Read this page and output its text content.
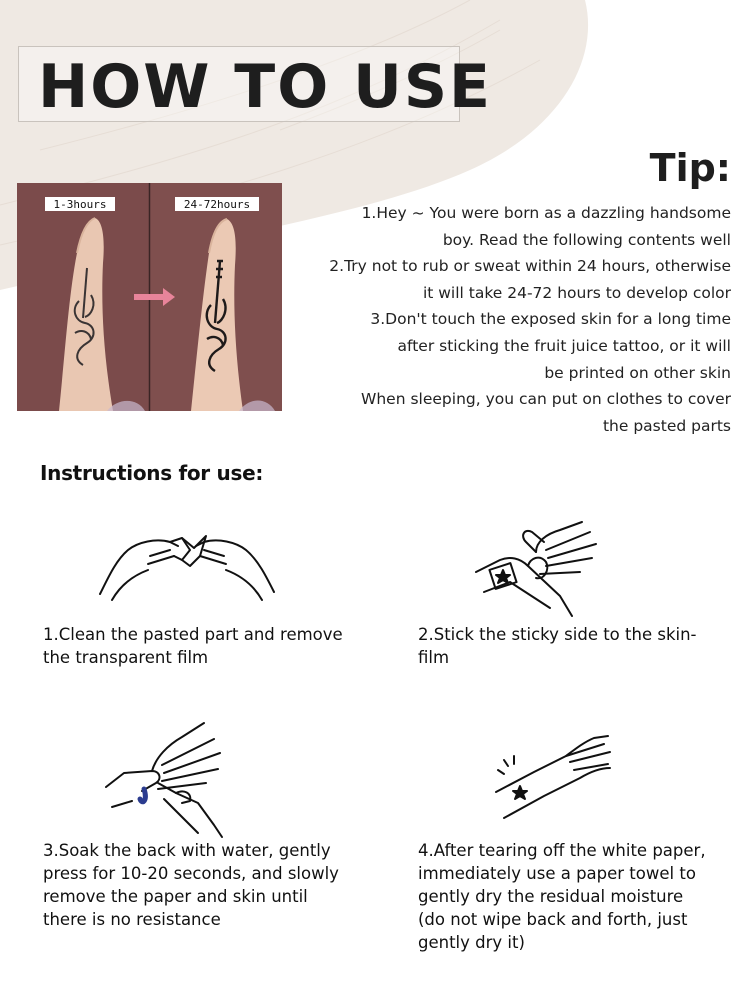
HOW TO USE
Tip:
1.Hey ~ You were born as a dazzling handsome
boy. Read the following contents well
2.Try not to rub or sweat within 24 hours, otherwise
it will take 24-72 hours to develop color
3.Don't touch the exposed skin for a long time
after sticking the fruit juice tattoo, or it will
be printed on other skin
When sleeping, you can put on clothes to cover
the pasted parts
1-3hours	24-72hours
Instructions for use:
1.Clean the pasted part and remove
the transparent film
2.Stick the sticky side to the skin-
film
3.Soak the back with water, gently
press for 10-20 seconds, and slowly
remove the paper and skin until
there is no resistance
4.After tearing off the white paper,
immediately use a paper towel to
gently dry the residual moisture
(do not wipe back and forth, just
gently dry it)
